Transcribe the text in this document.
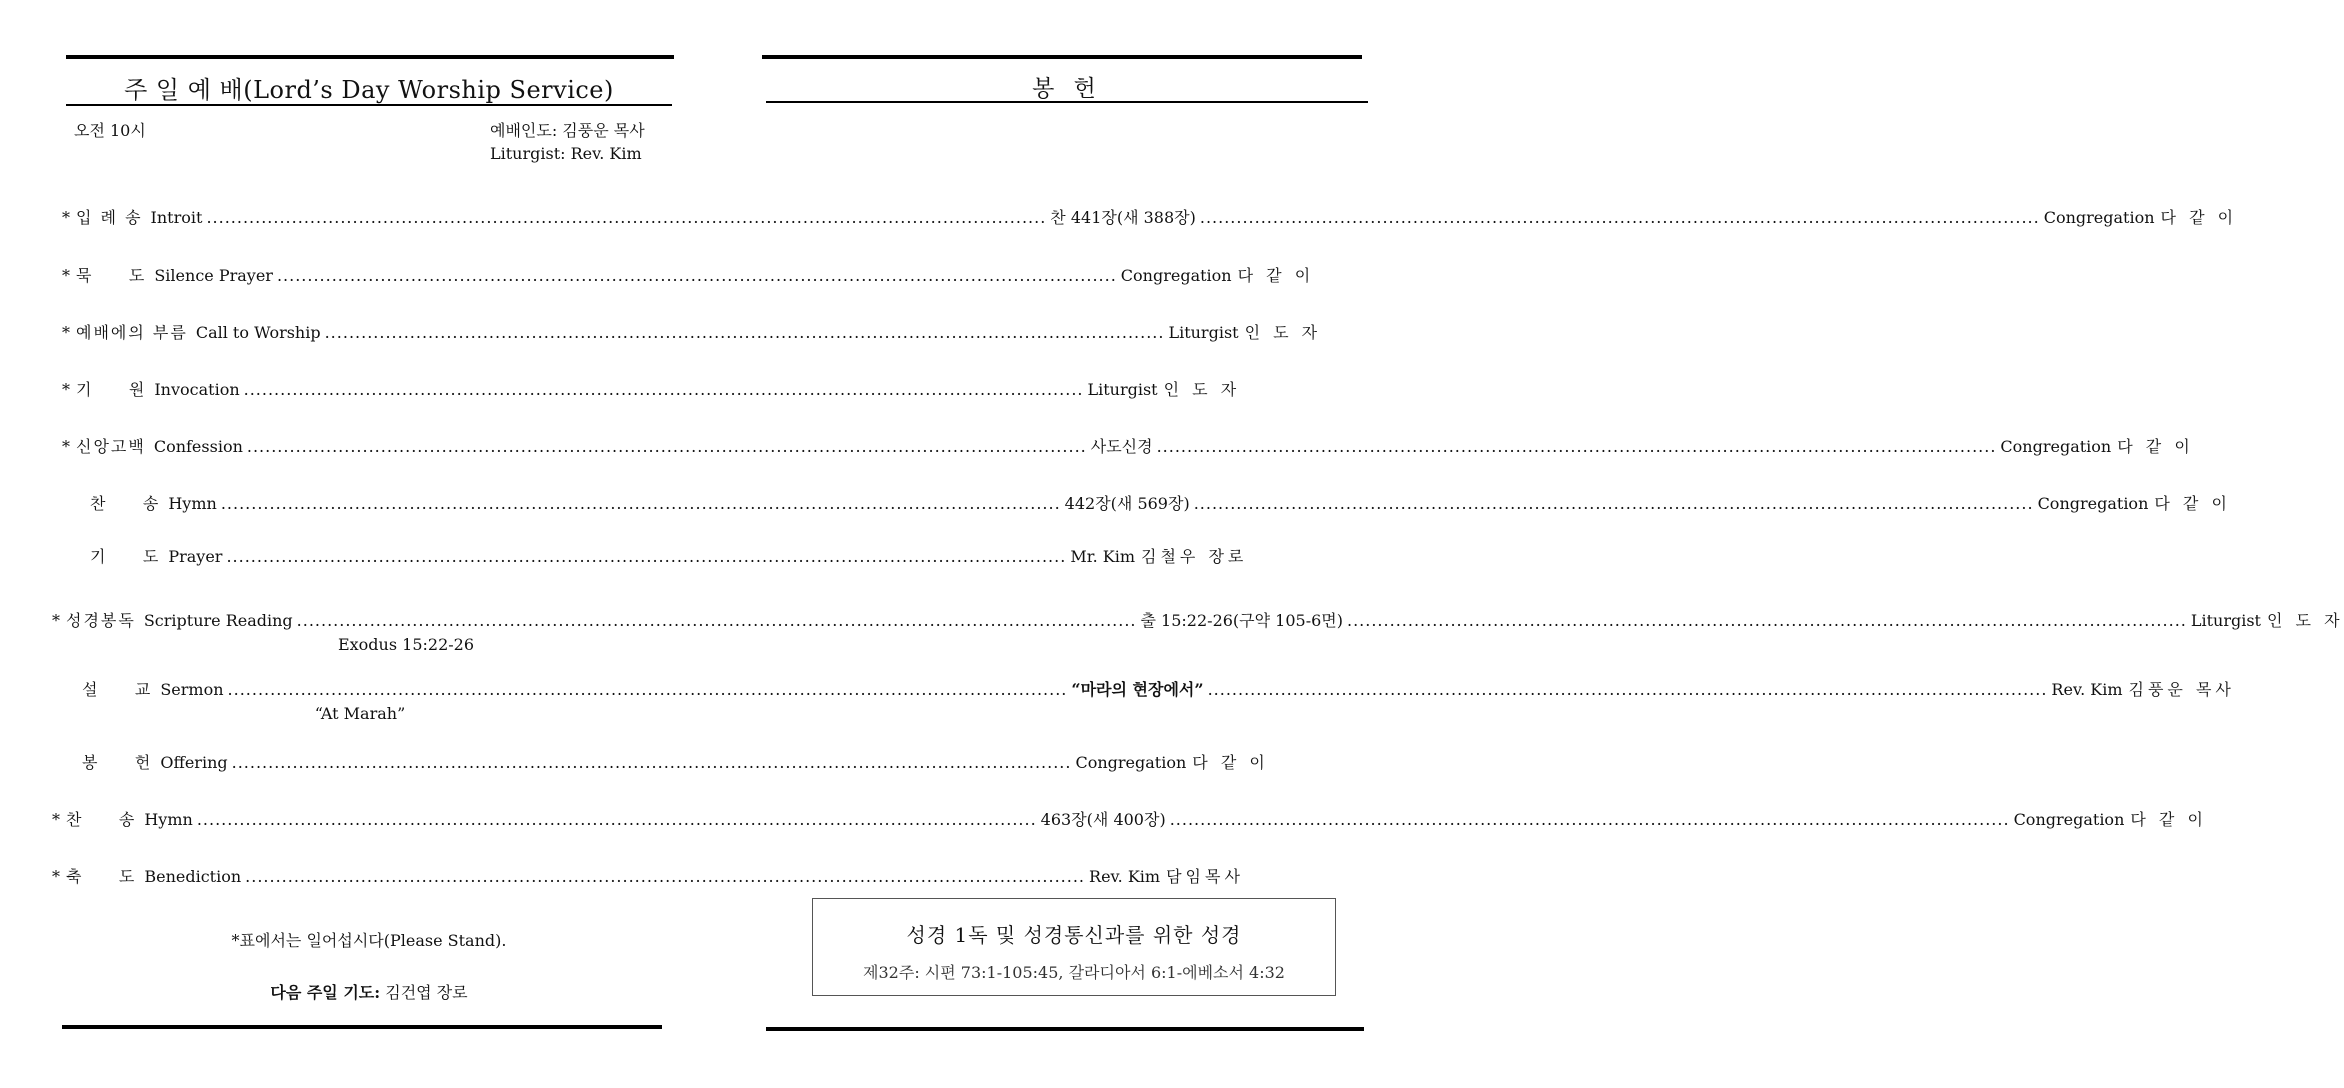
주 일 예 배(Lord’s Day Worship Service)	봉 헌
오전 10시	예배인도: 김풍운 목사
Liturgist: Rev. Kim
* 입 례 송 Introit .......................................................................................................................................... 찬 441장(새 388장) .......................................................................................................................................... Congregation 다 같 이
* 묵     도 Silence Prayer .......................................................................................................................................... Congregation 다 같 이
* 예배에의 부름 Call to Worship .......................................................................................................................................... Liturgist 인 도 자
* 기     원 Invocation .......................................................................................................................................... Liturgist 인 도 자
* 신앙고백 Confession .......................................................................................................................................... 사도신경 .......................................................................................................................................... Congregation 다 같 이
찬     송 Hymn .......................................................................................................................................... 442장(새 569장) .......................................................................................................................................... Congregation 다 같 이
기     도 Prayer .......................................................................................................................................... Mr. Kim 김철우 장로
* 성경봉독 Scripture Reading .......................................................................................................................................... 출 15:22-26(구약 105-6면) .......................................................................................................................................... Liturgist 인 도 자
Exodus 15:22-26
설     교 Sermon .......................................................................................................................................... “마라의 현장에서” .......................................................................................................................................... Rev. Kim 김풍운 목사
“At Marah”
봉     헌 Offering .......................................................................................................................................... Congregation 다 같 이
* 찬     송 Hymn .......................................................................................................................................... 463장(새 400장) .......................................................................................................................................... Congregation 다 같 이
* 축     도 Benediction .......................................................................................................................................... Rev. Kim 담임목사
*표에서는 일어섭시다(Please Stand).
다음 주일 기도: 김건엽 장로
성경 1독 및 성경통신과를 위한 성경
제32주: 시편 73:1-105:45, 갈라디아서 6:1-에베소서 4:32
